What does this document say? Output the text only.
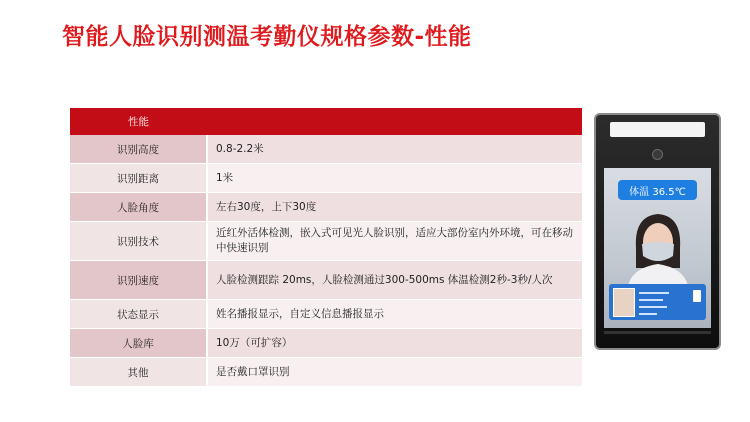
智能人脸识别测温考勤仪规格参数-性能
性能	
识别高度	0.8-2.2米
识别距离	1米
人脸角度	左右30度，上下30度
识别技术	近红外活体检测，嵌入式可见光人脸识别，适应大部份室内外环境，可在移动中快速识别
识别速度	人脸检测跟踪 20ms，人脸检测通过300-500ms 体温检测2秒-3秒/人次
状态显示	姓名播报显示，自定义信息播报显示
人脸库	10万（可扩容）
其他	是否戴口罩识别
体温 36.5℃
